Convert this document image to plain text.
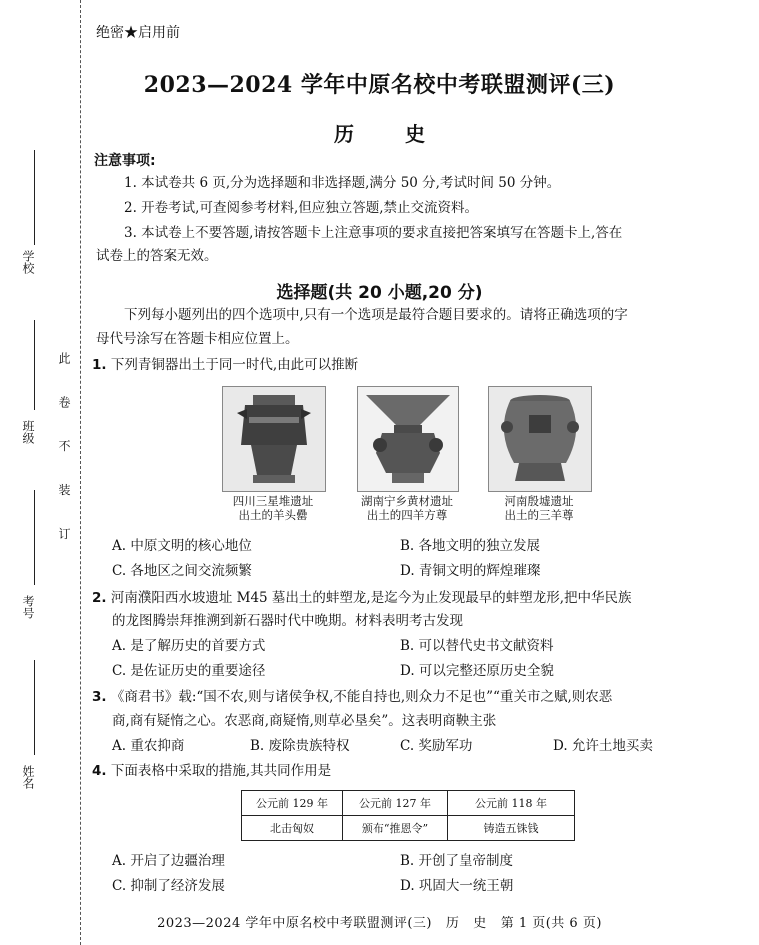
学校
班级
考号
姓名
此 卷 不 装 订
绝密★启用前
2023—2024 学年中原名校中考联盟测评(三)
历 史
注意事项:
1. 本试卷共 6 页,分为选择题和非选择题,满分 50 分,考试时间 50 分钟。
2. 开卷考试,可查阅参考材料,但应独立答题,禁止交流资料。
3. 本试卷上不要答题,请按答题卡上注意事项的要求直接把答案填写在答题卡上,答在
试卷上的答案无效。
选择题(共 20 小题,20 分)
下列每小题列出的四个选项中,只有一个选项是最符合题目要求的。请将正确选项的字
母代号涂写在答题卡相应位置上。
1. 下列青铜器出土于同一时代,由此可以推断
四川三星堆遗址
出土的羊头罍
湖南宁乡黄材遗址
出土的四羊方尊
河南殷墟遗址
出土的三羊尊
A. 中原文明的核心地位	B. 各地文明的独立发展
C. 各地区之间交流频繁	D. 青铜文明的辉煌璀璨
2. 河南濮阳西水坡遗址 M45 墓出土的蚌塑龙,是迄今为止发现最早的蚌塑龙形,把中华民族
的龙图腾崇拜推溯到新石器时代中晚期。材料表明考古发现
A. 是了解历史的首要方式	B. 可以替代史书文献资料
C. 是佐证历史的重要途径	D. 可以完整还原历史全貌
3. 《商君书》载:“国不农,则与诸侯争权,不能自持也,则众力不足也”“重关市之赋,则农恶
商,商有疑惰之心。农恶商,商疑惰,则草必垦矣”。这表明商鞅主张
A. 重农抑商	B. 废除贵族特权	C. 奖励军功	D. 允许土地买卖
4. 下面表格中采取的措施,其共同作用是
公元前 129 年	公元前 127 年	公元前 118 年
北击匈奴	颁布“推恩令”	铸造五铢钱
A. 开启了边疆治理	B. 开创了皇帝制度
C. 抑制了经济发展	D. 巩固大一统王朝
2023—2024 学年中原名校中考联盟测评(三)   历   史   第 1 页(共 6 页)
